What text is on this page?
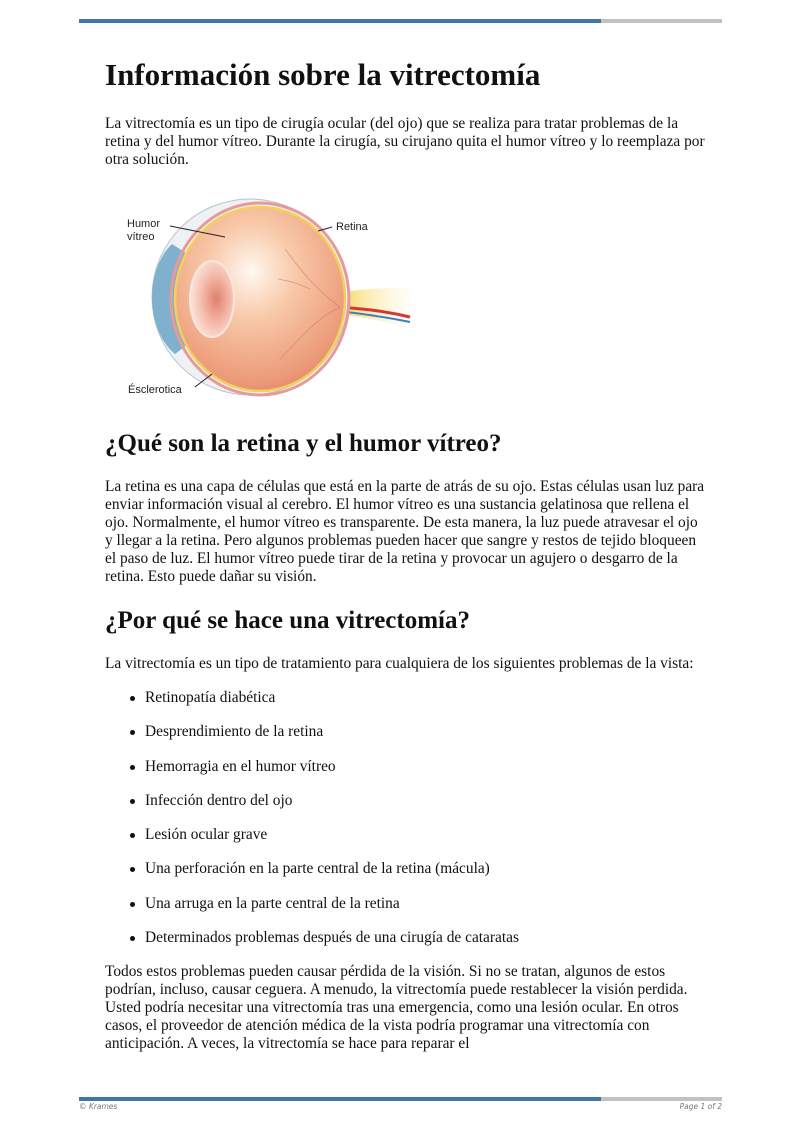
Información sobre la vitrectomía

La vitrectomía es un tipo de cirugía ocular (del ojo) que se realiza para tratar problemas de la retina y del humor vítreo. Durante la cirugía, su cirujano quita el humor vítreo y lo reemplaza por otra solución.

Humor
vítreo
Retina
Ésclerotica
¿Qué son la retina y el humor vítreo?

La retina es una capa de células que está en la parte de atrás de su ojo. Estas células usan luz para enviar información visual al cerebro. El humor vítreo es una sustancia gelatinosa que rellena el ojo. Normalmente, el humor vítreo es transparente. De esta manera, la luz puede atravesar el ojo y llegar a la retina. Pero algunos problemas pueden hacer que sangre y restos de tejido bloqueen el paso de luz. El humor vítreo puede tirar de la retina y provocar un agujero o desgarro de la retina. Esto puede dañar su visión.

¿Por qué se hace una vitrectomía?

La vitrectomía es un tipo de tratamiento para cualquiera de los siguientes problemas de la vista:

Retinopatía diabética
Desprendimiento de la retina
Hemorragia en el humor vítreo
Infección dentro del ojo
Lesión ocular grave
Una perforación en la parte central de la retina (mácula)
Una arruga en la parte central de la retina
Determinados problemas después de una cirugía de cataratas

Todos estos problemas pueden causar pérdida de la visión. Si no se tratan, algunos de estos podrían, incluso, causar ceguera. A menudo, la vitrectomía puede restablecer la visión perdida. Usted podría necesitar una vitrectomía tras una emergencia, como una lesión ocular. En otros casos, el proveedor de atención médica de la vista podría programar una vitrectomía con anticipación. A veces, la vitrectomía se hace para reparar el

© Krames	Page 1 of 2
